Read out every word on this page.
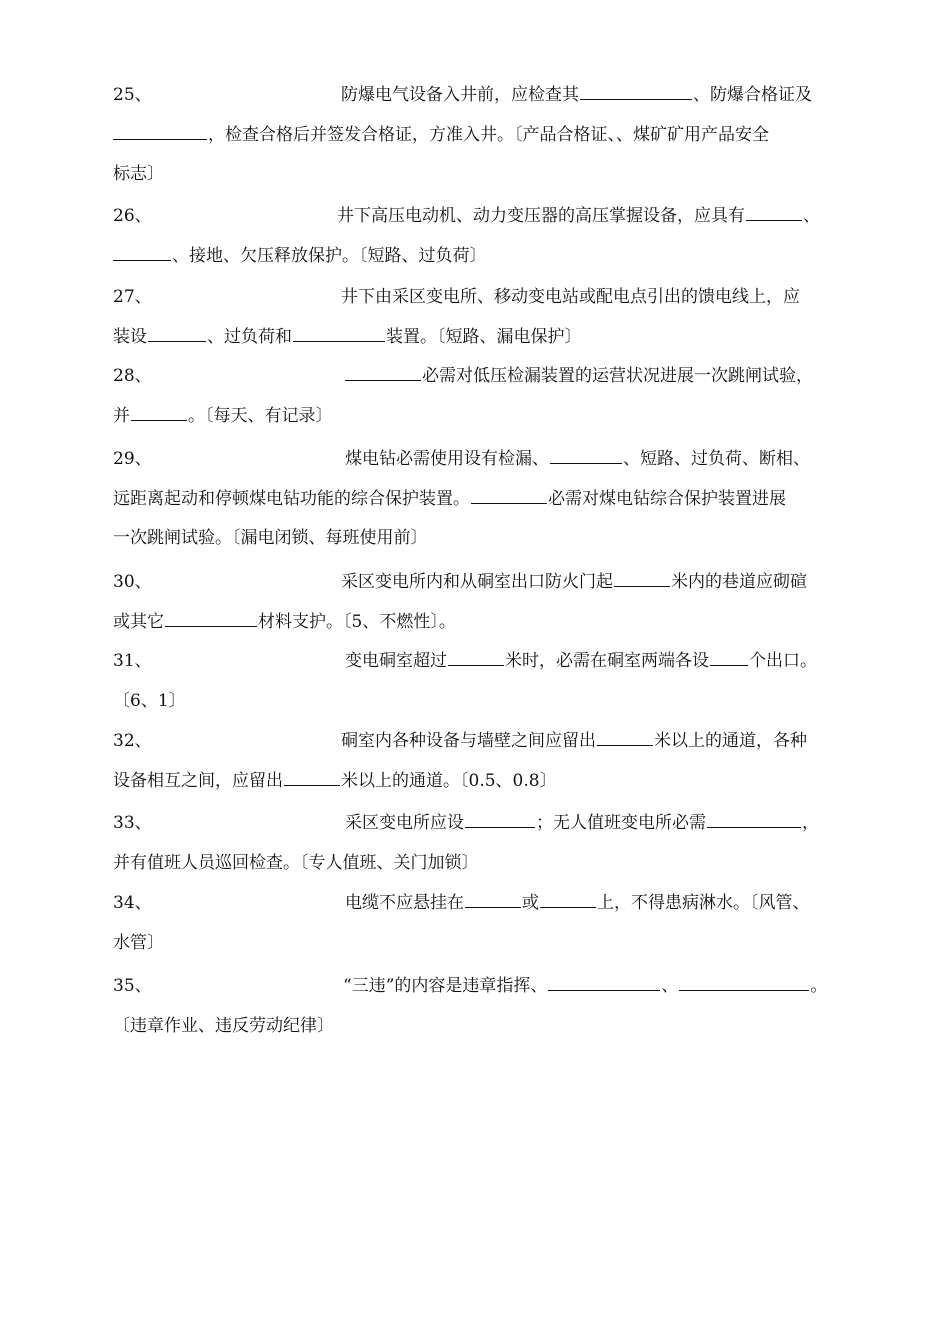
25、	防爆电气设备入井前，应检查其	、防爆合格证及
，检查合格后并签发合格证，方准入井。〔产品合格证、、煤矿矿用产品安全
标志〕
26、	井下高压电动机、动力变压器的高压掌握设备，应具有	、
、接地、欠压释放保护。〔短路、过负荷〕
27、	井下由采区变电所、移动变电站或配电点引出的馈电线上，应
装设	、过负荷和	装置。〔短路、漏电保护〕
28、	必需对低压检漏装置的运营状况进展一次跳闸试验，
并	。〔每天、有记录〕
29、	煤电钻必需使用设有检漏、	、短路、过负荷、断相、
远距离起动和停顿煤电钻功能的综合保护装置。	必需对煤电钻综合保护装置进展
一次跳闸试验。〔漏电闭锁、每班使用前〕
30、	采区变电所内和从硐室出口防火门起	米内的巷道应砌碹
或其它	材料支护。〔5、不燃性〕。
31、	变电硐室超过	米时，必需在硐室两端各设 个出口。
〔6、1〕
32、	硐室内各种设备与墙壁之间应留出	米以上的通道，各种
设备相互之间，应留出	米以上的通道。〔0.5、0.8〕
33、	采区变电所应设	；无人值班变电所必需	，
并有值班人员巡回检查。〔专人值班、关门加锁〕
34、	电缆不应悬挂在	或	上，不得患病淋水。〔风管、
水管〕
35、	“三违”的内容是违章指挥、	、	。
〔违章作业、违反劳动纪律〕
